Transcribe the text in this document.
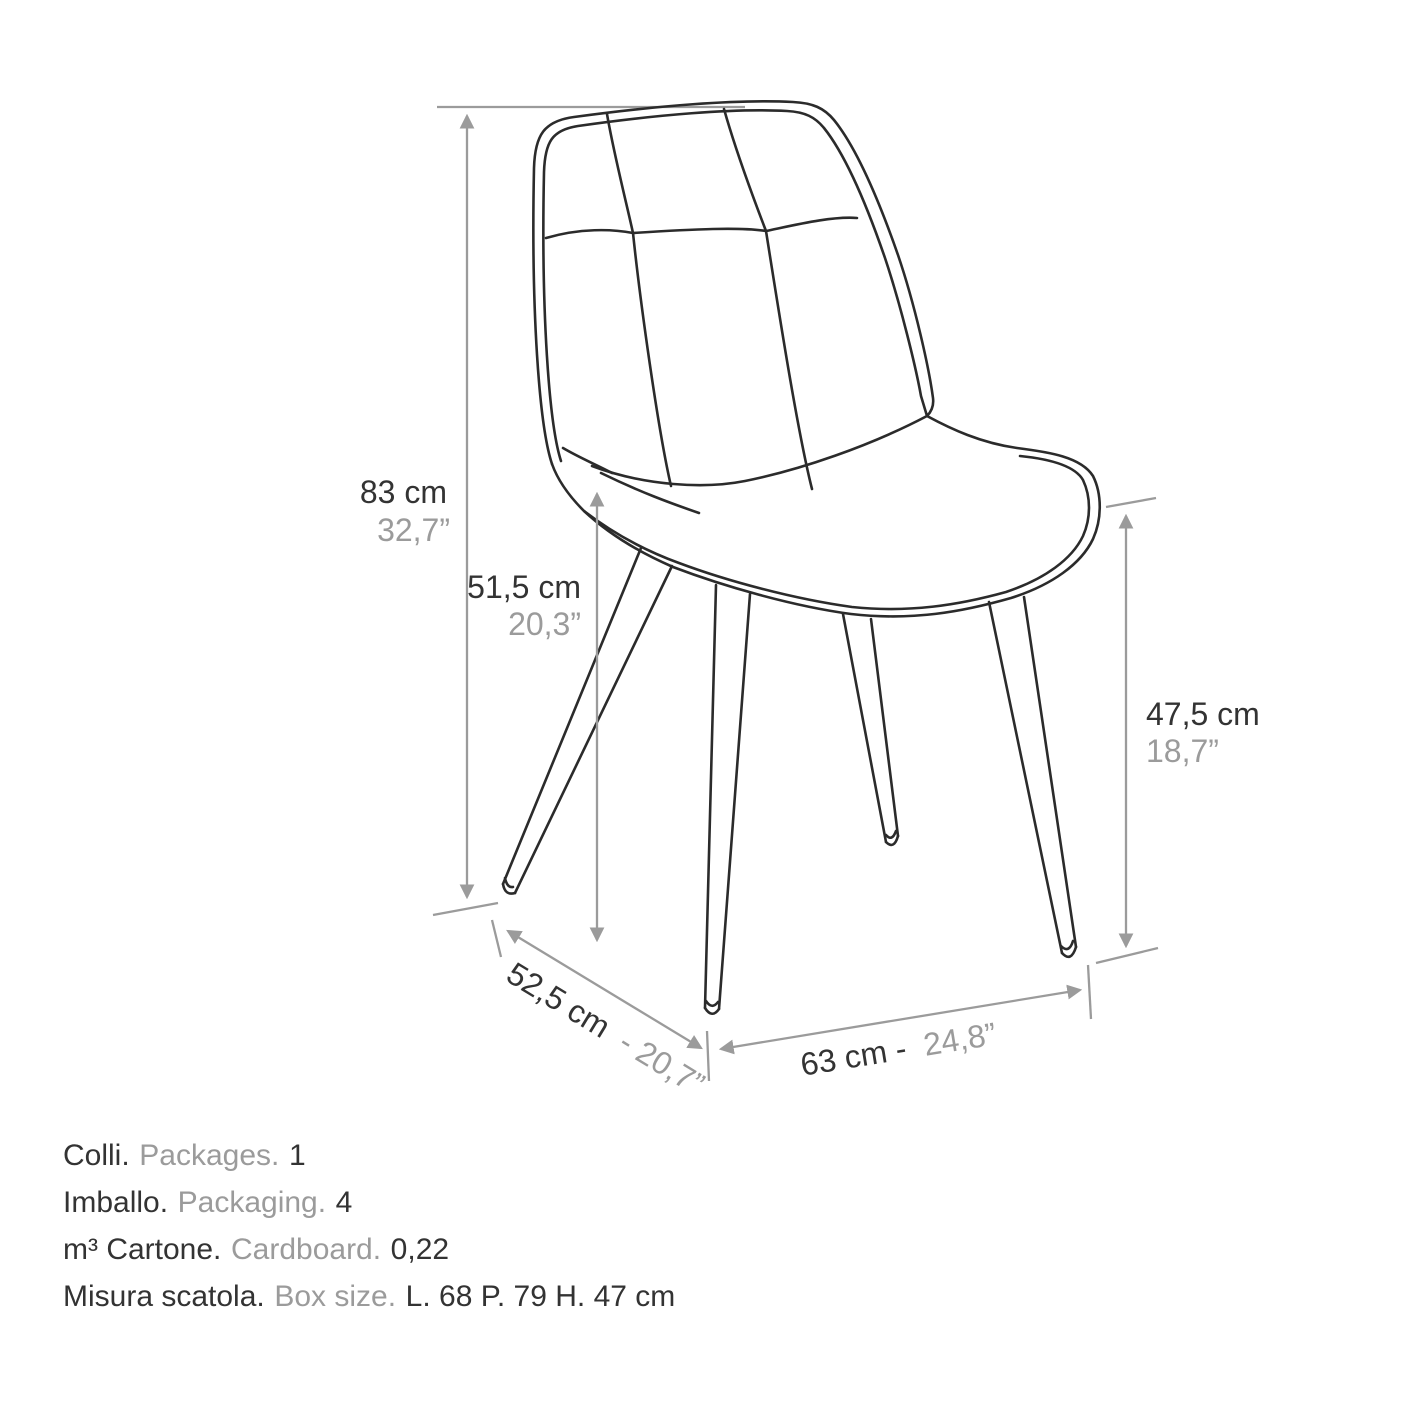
83 cm
32,7”
51,5 cm
20,3”
47,5 cm
18,7”
52,5 cm - 20,7”	63 cm - 24,8”
Colli. Packages. 1
Imballo. Packaging. 4
m³ Cartone. Cardboard. 0,22
Misura scatola. Box size. L. 68 P. 79 H. 47 cm
